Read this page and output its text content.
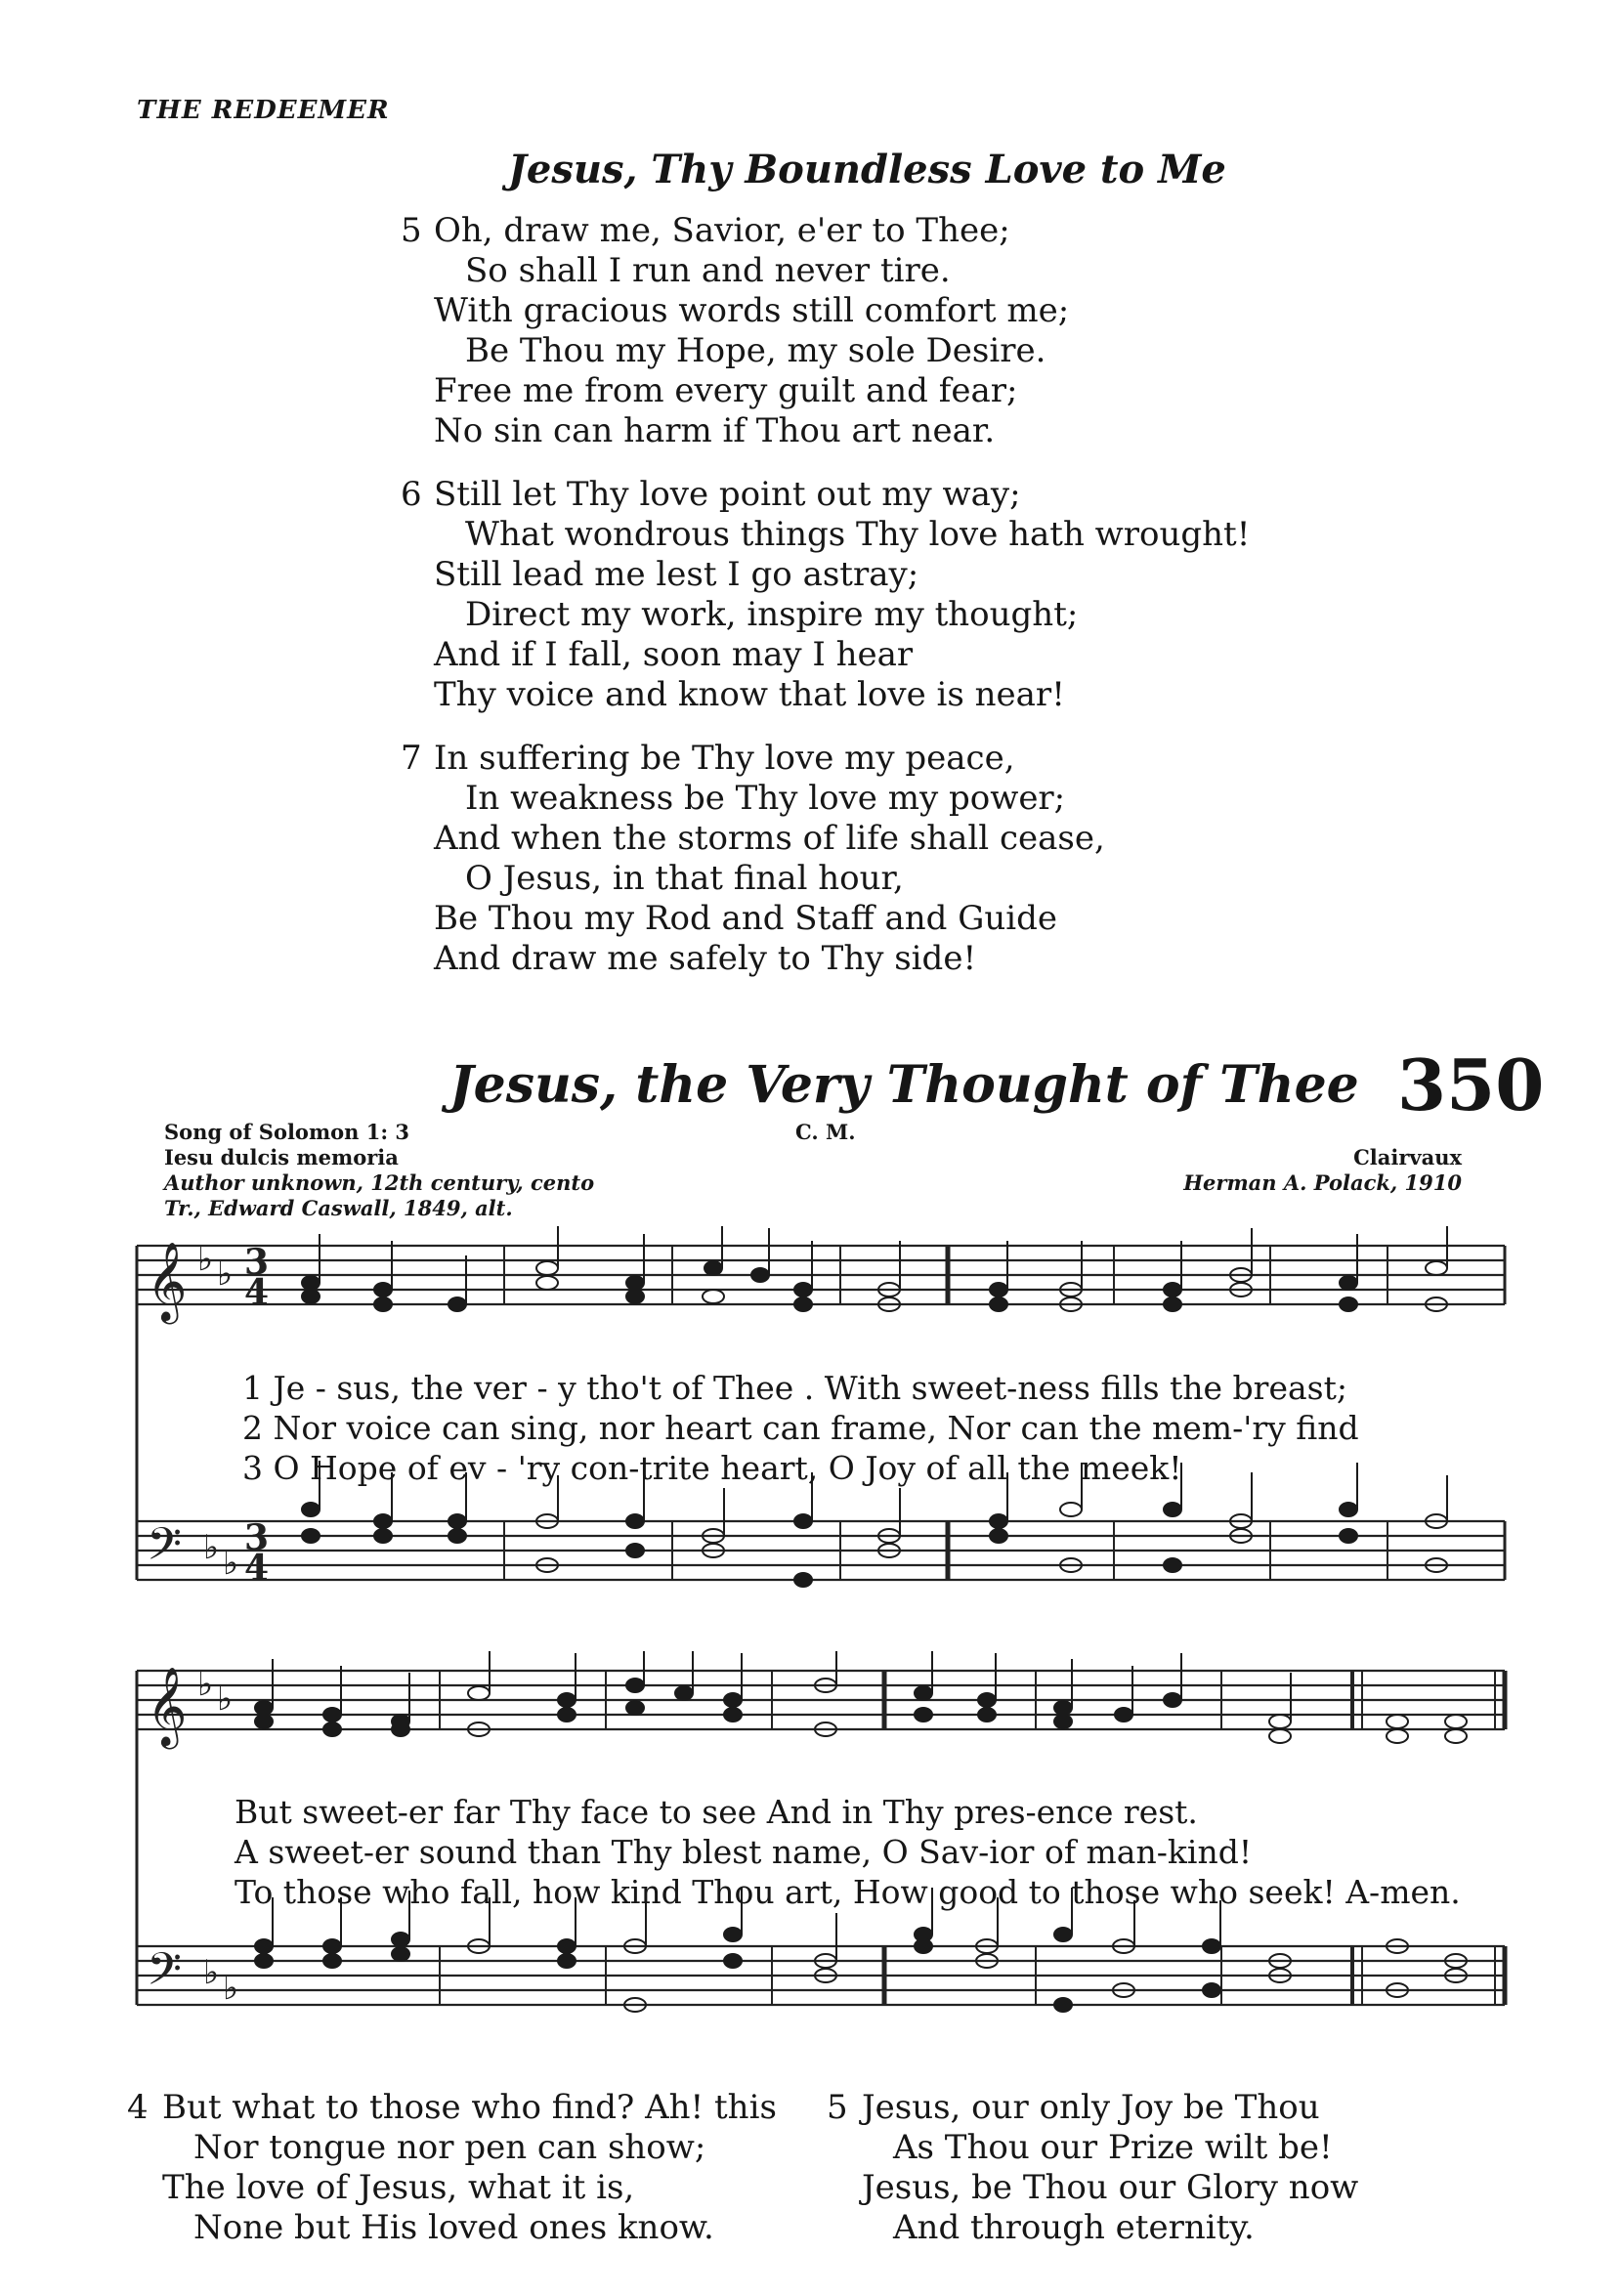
THE REDEEMER
Jesus, Thy Boundless Love to Me
5 Oh, draw me, Savior, e'er to Thee;
So shall I run and never tire.
With gracious words still comfort me;
Be Thou my Hope, my sole Desire.
Free me from every guilt and fear;
No sin can harm if Thou art near.
6 Still let Thy love point out my way;
What wondrous things Thy love hath wrought!
Still lead me lest I go astray;
Direct my work, inspire my thought;
And if I fall, soon may I hear
Thy voice and know that love is near!
7 In suffering be Thy love my peace,
In weakness be Thy love my power;
And when the storms of life shall cease,
O Jesus, in that final hour,
Be Thou my Rod and Staff and Guide
And draw me safely to Thy side!
Jesus, the Very Thought of Thee 350
Song of Solomon 1: 3
Iesu dulcis memoria
Author unknown, 12th century, cento
Tr., Edward Caswall, 1849, alt.
C. M.
Clairvaux
Herman A. Polack, 1910
𝄞
𝄢
♭ ♭
♭ ♭
3
4
3
4
1 Je - sus, the ver - y tho't of Thee . With sweet-ness fills the breast;
2 Nor voice can sing, nor heart can frame, Nor can the mem-'ry find
3 O Hope of ev - 'ry con-trite heart, O Joy of all the meek!
𝄞
𝄢
♭ ♭
♭ ♭
But sweet-er far Thy face to see And in Thy pres-ence rest.
A sweet-er sound than Thy blest name, O Sav-ior of man-kind!
To those who fall, how kind Thou art, How good to those who seek! A-men.
4 But what to those who find? Ah! this
Nor tongue nor pen can show;
The love of Jesus, what it is,
None but His loved ones know.
5 Jesus, our only Joy be Thou
As Thou our Prize wilt be!
Jesus, be Thou our Glory now
And through eternity.
